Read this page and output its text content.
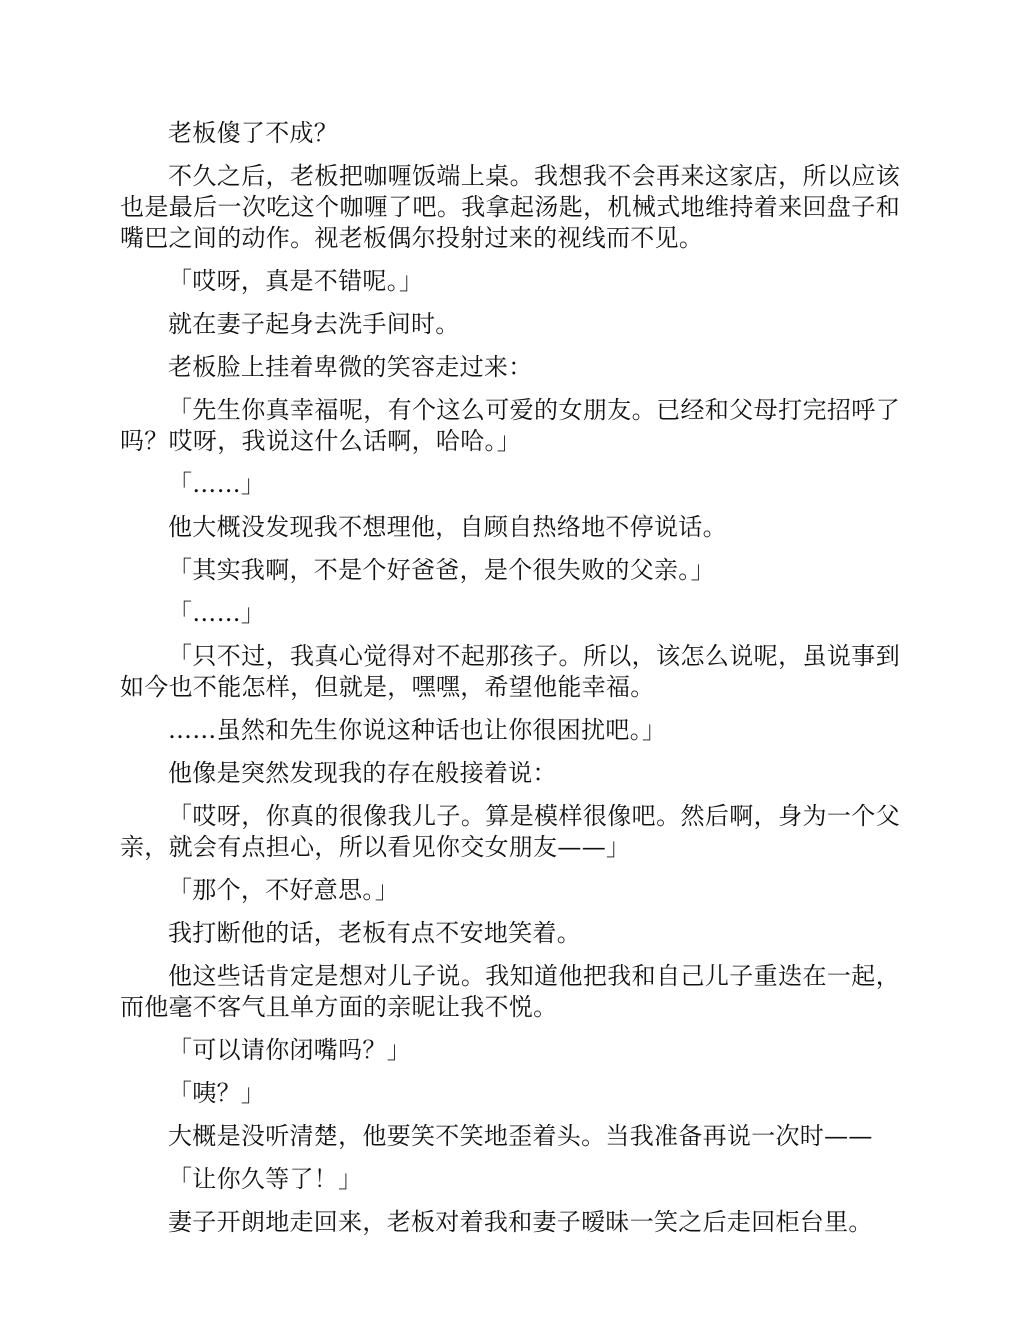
老板傻了不成？

不久之后，老板把咖喱饭端上桌。我想我不会再来这家店，所以应该也是最后一次吃这个咖喱了吧。我拿起汤匙，机械式地维持着来回盘子和嘴巴之间的动作。视老板偶尔投射过来的视线而不见。

「哎呀，真是不错呢。」

就在妻子起身去洗手间时。

老板脸上挂着卑微的笑容走过来：

「先生你真幸福呢，有个这么可爱的女朋友。已经和父母打完招呼了吗？哎呀，我说这什么话啊，哈哈。」

「……」

他大概没发现我不想理他，自顾自热络地不停说话。

「其实我啊，不是个好爸爸，是个很失败的父亲。」

「……」

「只不过，我真心觉得对不起那孩子。所以，该怎么说呢，虽说事到如今也不能怎样，但就是，嘿嘿，希望他能幸福。

……虽然和先生你说这种话也让你很困扰吧。」

他像是突然发现我的存在般接着说：

「哎呀，你真的很像我儿子。算是模样很像吧。然后啊，身为一个父亲，就会有点担心，所以看见你交女朋友——」

「那个，不好意思。」

我打断他的话，老板有点不安地笑着。

他这些话肯定是想对儿子说。我知道他把我和自己儿子重迭在一起，而他毫不客气且单方面的亲昵让我不悦。

「可以请你闭嘴吗？」

「咦？」

大概是没听清楚，他要笑不笑地歪着头。当我准备再说一次时——

「让你久等了！」

妻子开朗地走回来，老板对着我和妻子暧昧一笑之后走回柜台里。
